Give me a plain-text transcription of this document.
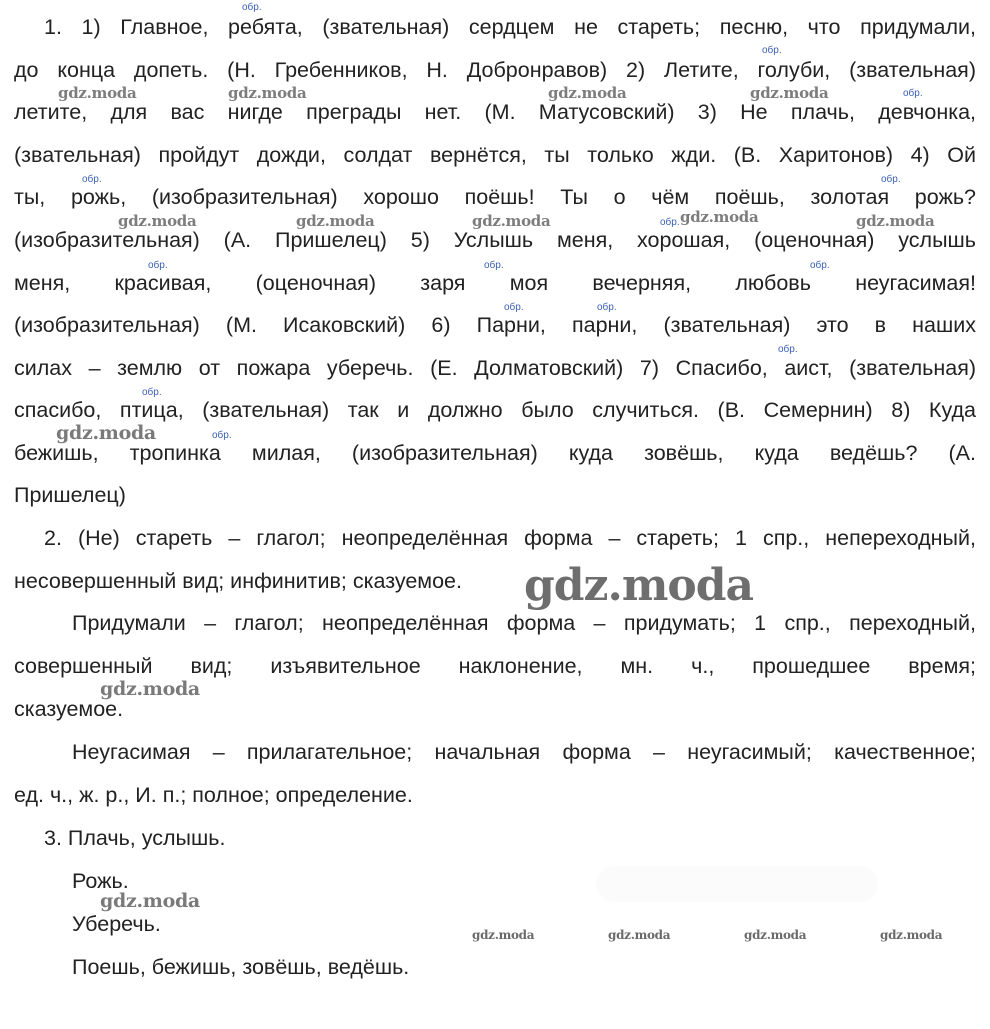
1. 1) Главное, ребята, (звательная) сердцем не стареть; песню, что придумали,
до конца допеть. (Н. Гребенников, Н. Добронравов) 2) Летите, голуби, (звательная)
летите, для вас нигде преграды нет. (М. Матусовский) 3) Не плачь, девчонка,
(звательная) пройдут дожди, солдат вернётся, ты только жди. (В. Харитонов) 4) Ой
ты, рожь, (изобразительная) хорошо поёшь! Ты о чём поёшь, золотая рожь?
(изобразительная) (А. Пришелец) 5) Услышь меня, хорошая, (оценочная) услышь
меня, красивая, (оценочная) заря моя вечерняя, любовь неугасимая!
(изобразительная) (М. Исаковский) 6) Парни, парни, (звательная) это в наших
силах – землю от пожара уберечь. (Е. Долматовский) 7) Спасибо, аист, (звательная)
спасибо, птица, (звательная) так и должно было случиться. (В. Семернин) 8) Куда
бежишь, тропинка милая, (изобразительная) куда зовёшь, куда ведёшь? (А.
Пришелец)
2. (Не) стареть – глагол; неопределённая форма – стареть; 1 спр., непереходный,
несовершенный вид; инфинитив; сказуемое.
Придумали – глагол; неопределённая форма – придумать; 1 спр., переходный,
совершенный вид; изъявительное наклонение, мн. ч., прошедшее время;
сказуемое.
Неугасимая – прилагательное; начальная форма – неугасимый; качественное;
ед. ч., ж. р., И. п.; полное; определение.
3. Плачь, услышь.
Рожь.
Уберечь.
Поешь, бежишь, зовёшь, ведёшь.
обр.
обр.
обр.
обр.	обр.
обр.
обр.	обр.	обр.
обр.	обр.
обр.
обр.
обр.
gdz.moda	gdz.moda	gdz.moda	gdz.moda
gdz.moda	gdz.moda	gdz.moda	gdz.moda	gdz.moda
gdz.moda
gdz.moda
gdz.moda
gdz.moda
gdz.moda	gdz.moda	gdz.moda	gdz.moda
